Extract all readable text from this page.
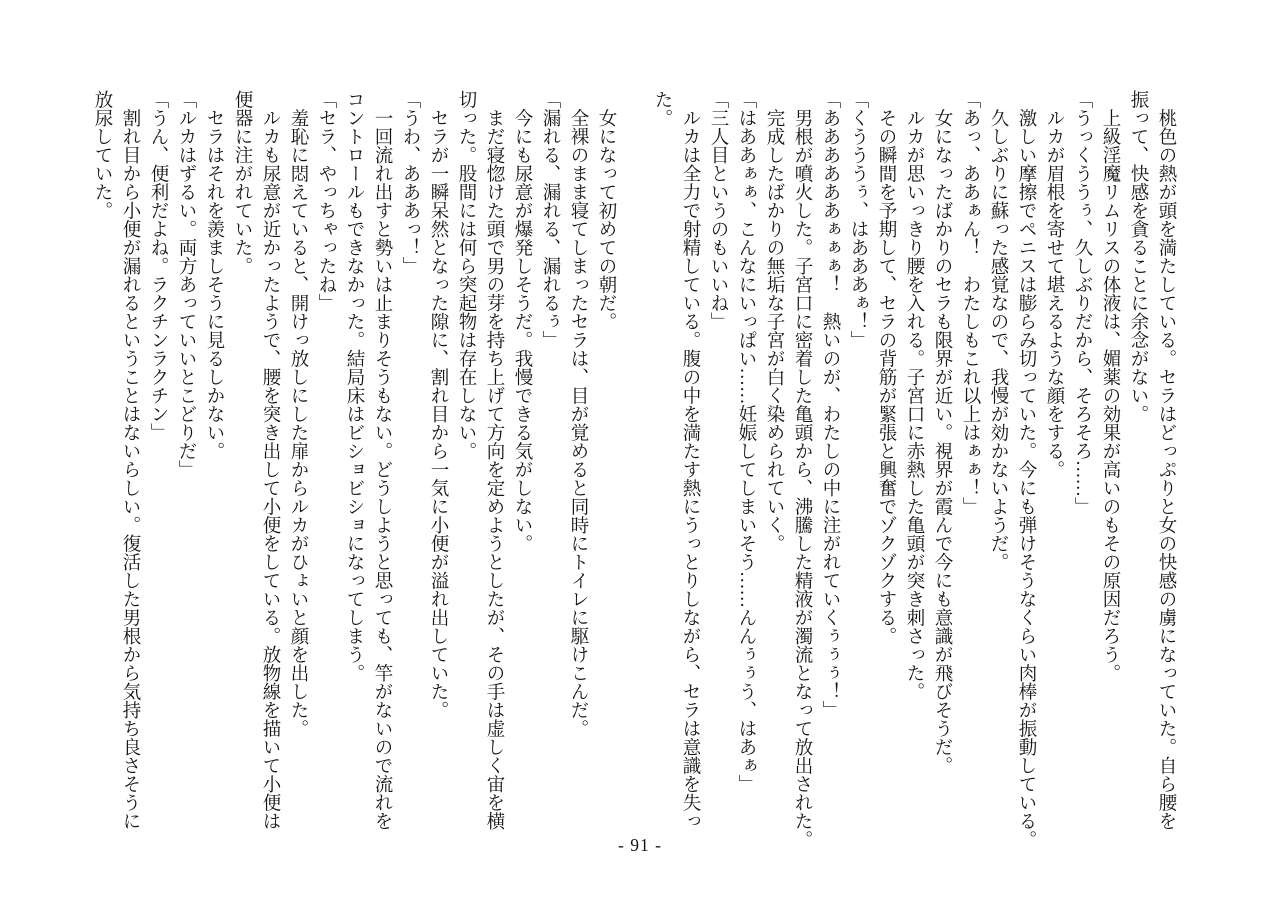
　桃色の熱が頭を満たしている。セラはどっぷりと女の快感の虜になっていた。自ら腰を

振って、快感を貪ることに余念がない。

　上級淫魔リムリスの体液は、媚薬の効果が高いのもその原因だろう。

「うっくううぅ、久しぶりだから、そろそろ……」

　ルカが眉根を寄せて堪えるような顔をする。

　激しい摩擦でペニスは膨らみ切っていた。今にも弾けそうなくらい肉棒が振動している。

　久しぶりに蘇った感覚なので、我慢が効かないようだ。

「あっ、ああぁん！　わたしもこれ以上はぁぁ！」

　女になったばかりのセラも限界が近い。視界が霞んで今にも意識が飛びそうだ。

　ルカが思いっきり腰を入れる。子宮口に赤熱した亀頭が突き刺さった。

　その瞬間を予期して、セラの背筋が緊張と興奮でゾクゾクする。

「くうううぅ、はあああぁ！」

「ああああああぁぁぁ！　熱いのが、わたしの中に注がれていくぅぅぅ！」

　男根が噴火した。子宮口に密着した亀頭から、沸騰した精液が濁流となって放出された。

　完成したばかりの無垢な子宮が白く染められていく。

「はああぁぁ、こんなにいっぱい……妊娠してしまいそう……んんぅぅう、はあぁ」

「三人目というのもいいね」

　ルカは全力で射精している。腹の中を満たす熱にうっとりしながら、セラは意識を失っ

た。

　女になって初めての朝だ。

　全裸のまま寝てしまったセラは、目が覚めると同時にトイレに駆けこんだ。

「漏れる、漏れる、漏れるぅ」

　今にも尿意が爆発しそうだ。我慢できる気がしない。

　まだ寝惚けた頭で男の芽を持ち上げて方向を定めようとしたが、その手は虚しく宙を横

切った。股間には何ら突起物は存在しない。

　セラが一瞬呆然となった隙に、割れ目から一気に小便が溢れ出していた。

「うわ、あああっ！」

　一回流れ出すと勢いは止まりそうもない。どうしようと思っても、竿がないので流れを

コントロールもできなかった。結局床はビショビショになってしまう。

「セラ、やっちゃったね」

　羞恥に悶えていると、開けっ放しにした扉からルカがひょいと顔を出した。

　ルカも尿意が近かったようで、腰を突き出して小便をしている。放物線を描いて小便は

便器に注がれていた。

　セラはそれを羨ましそうに見るしかない。

「ルカはずるい。両方あっていいとこどりだ」

「うん、便利だよね。ラクチンラクチン」

　割れ目から小便が漏れるということはないらしい。復活した男根から気持ち良さそうに

放尿していた。

- 91 -
